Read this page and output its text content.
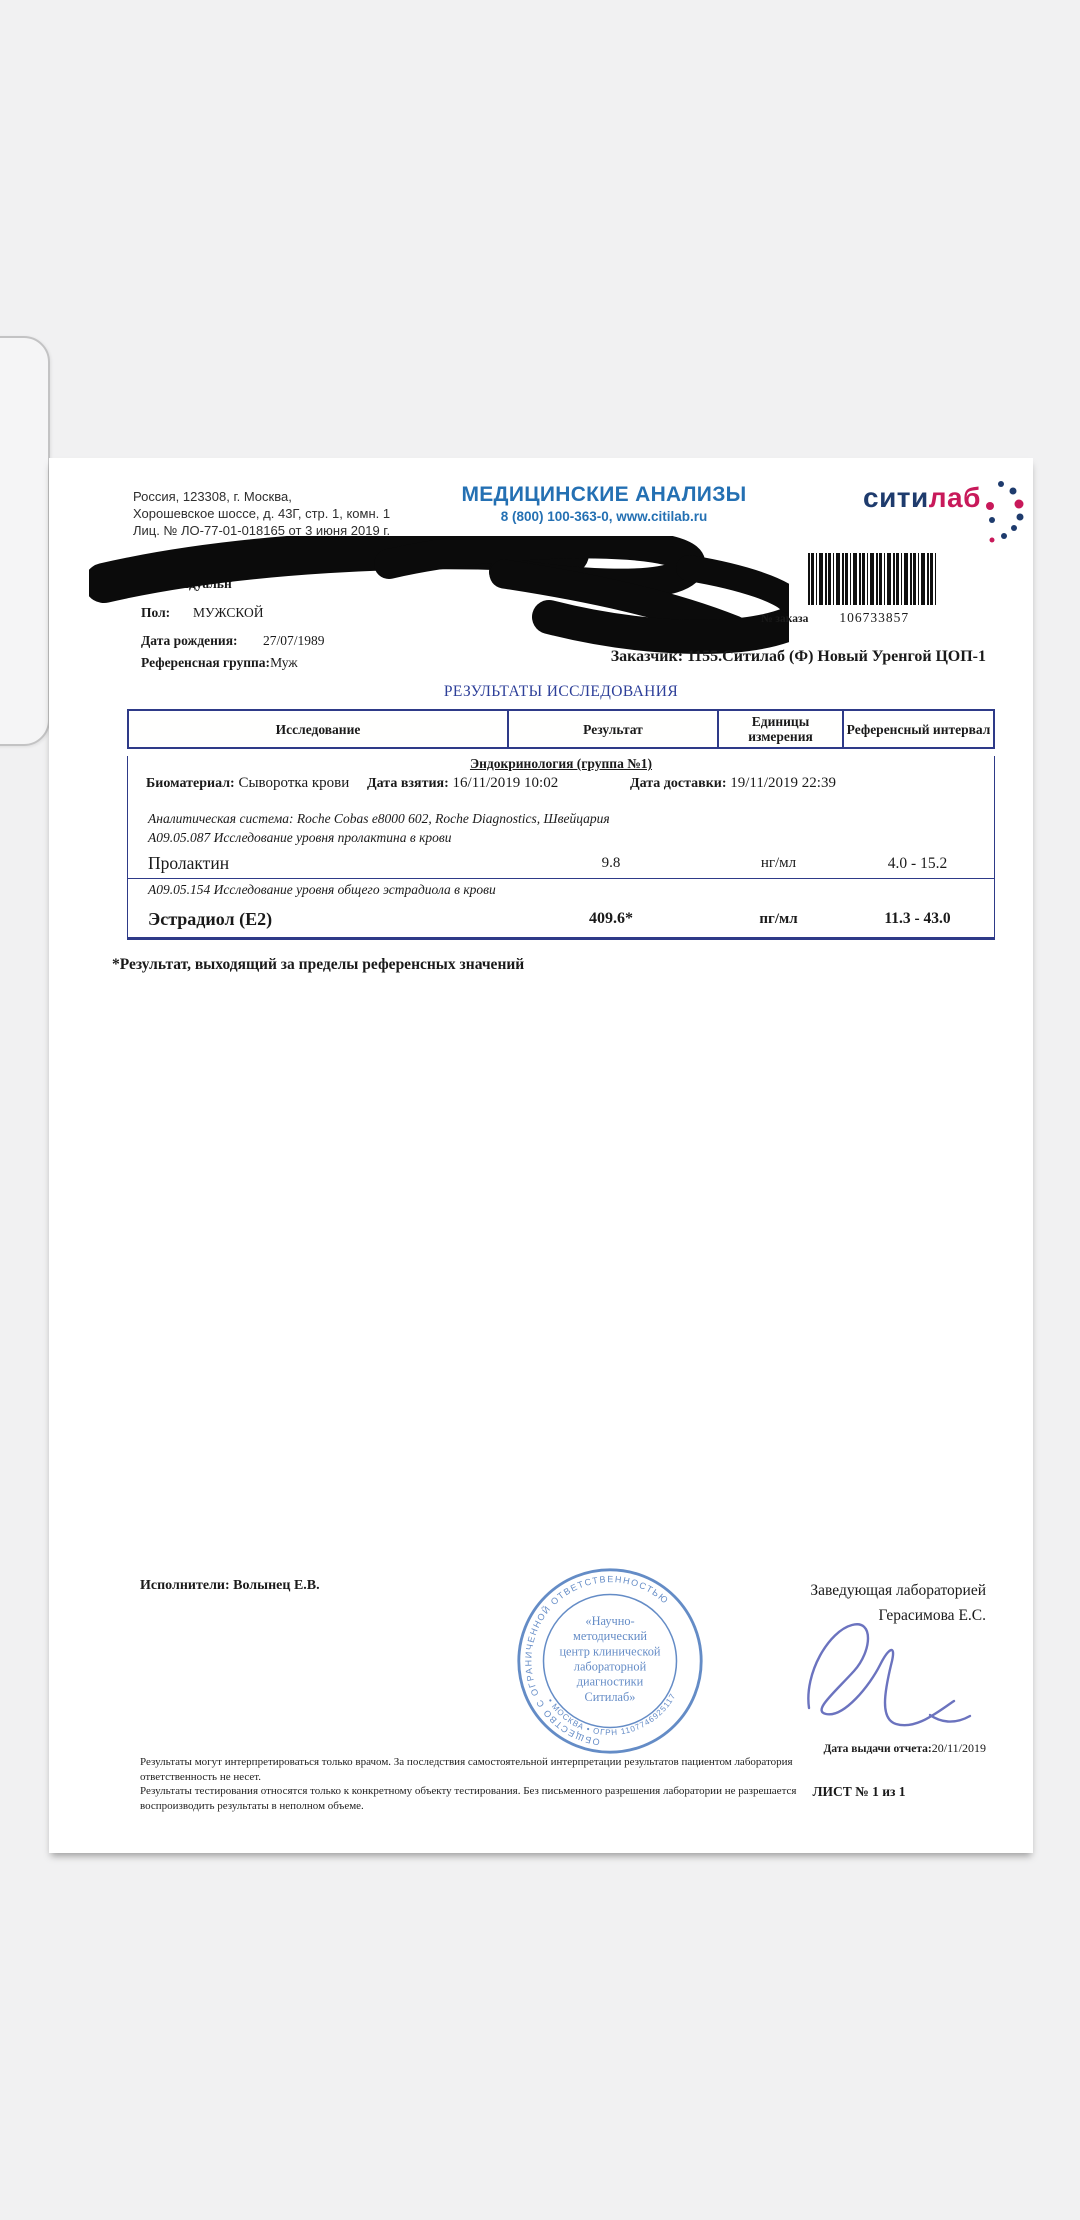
Россия, 123308, г. Москва,
Хорошевское шоссе, д. 43Г, стр. 1, комн. 1
Лиц. № ЛО-77-01-018165 от 3 июня 2019 г.
МЕДИЦИНСКИЕ АНАЛИЗЫ
8 (800) 100-363-0, www.citilab.ru
сити лаб
Индивидуальн
Пол: МУЖСКОЙ
Дата рождения: 27/07/1989
Референсная группа:Муж
№ заказа 106733857
Заказчик: 1155.Ситилаб (Ф) Новый Уренгой ЦОП-1
РЕЗУЛЬТАТЫ ИССЛЕДОВАНИЯ
Исследование	Результат	Единицы измерения	Референсный интервал
Эндокринология (группа №1)
Биоматериал: Сыворотка крови Дата взятия: 16/11/2019 10:02	Дата доставки: 19/11/2019 22:39
Аналитическая система: Roche Cobas e8000 602, Roche Diagnostics, Швейцария
A09.05.087 Исследование уровня пролактина в крови
Пролактин	9.8	нг/мл	4.0 - 15.2
A09.05.154 Исследование уровня общего эстрадиола в крови
Эстрадиол (Е2)	409.6*	пг/мл	11.3 - 43.0
*Результат, выходящий за пределы референсных значений
Исполнители: Волынец Е.В.
ОБЩЕСТВО С ОГРАНИЧЕННОЙ ОТВЕТСТВЕННОСТЬЮ
• МОСКВА • ОГРН 1107746925117
«Научно-
методический
центр клинической
лабораторной
диагностики
Ситилаб»
Заведующая лабораторией
Герасимова Е.С.
Дата выдачи отчета:20/11/2019
Результаты могут интерпретироваться только врачом. За последствия самостоятельной интерпретации результатов пациентом лаборатория
ответственность не несет.
Результаты тестирования относятся только к конкретному объекту тестирования. Без письменного разрешения лаборатории не разрешается
воспроизводить результаты в неполном объеме.
ЛИСТ № 1 из 1
